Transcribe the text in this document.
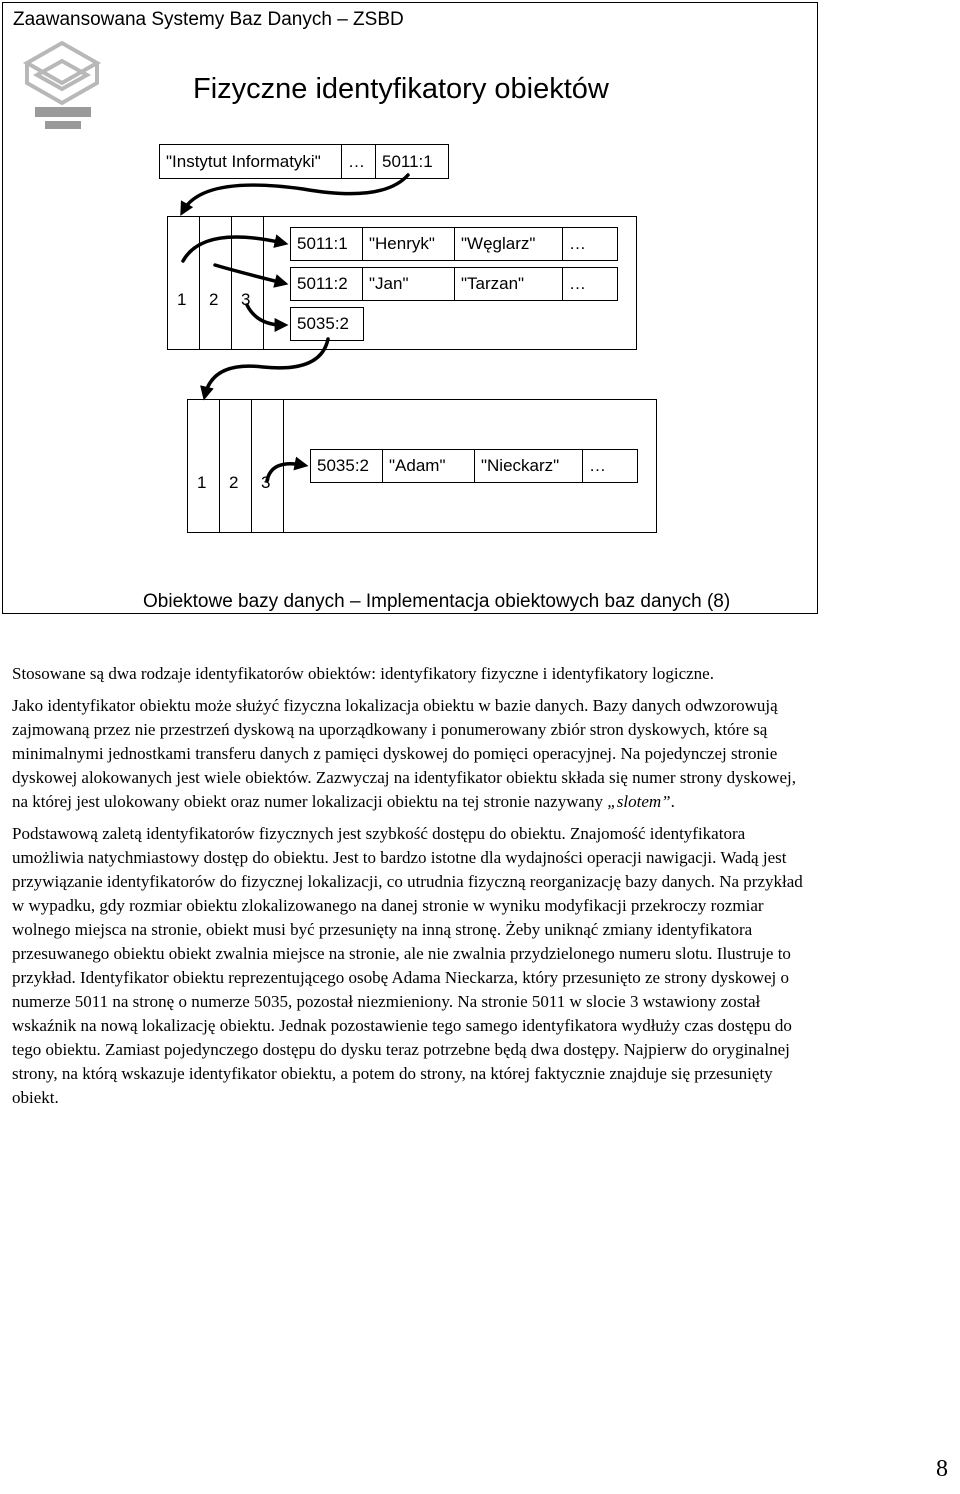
Zaawansowana Systemy Baz Danych – ZSBD
Fizyczne identyfikatory obiektów
"Instytut Informatyki"	…	5011:1
1 2 3
5011:1	"Henryk"	"Węglarz"	…
5011:2	"Jan"	"Tarzan"	…
5035:2
1 2 3
5035:2	"Adam"	"Nieckarz"	…
Obiektowe bazy danych – Implementacja obiektowych baz danych (8)

Stosowane są dwa rodzaje identyfikatorów obiektów: identyfikatory fizyczne i identyfikatory logiczne.

Jako identyfikator obiektu może służyć fizyczna lokalizacja obiektu w bazie danych. Bazy danych odwzorowują zajmowaną przez nie przestrzeń dyskową na uporządkowany i ponumerowany zbiór stron dyskowych, które są minimalnymi jednostkami transferu danych z pamięci dyskowej do pomięci operacyjnej. Na pojedynczej stronie dyskowej alokowanych jest wiele obiektów. Zazwyczaj na identyfikator obiektu składa się numer strony dyskowej, na której jest ulokowany obiekt oraz numer lokalizacji obiektu na tej stronie nazywany „slotem”.

Podstawową zaletą identyfikatorów fizycznych jest szybkość dostępu do obiektu. Znajomość identyfikatora umożliwia natychmiastowy dostęp do obiektu. Jest to bardzo istotne dla wydajności operacji nawigacji. Wadą jest przywiązanie identyfikatorów do fizycznej lokalizacji, co utrudnia fizyczną reorganizację bazy danych. Na przykład w wypadku, gdy rozmiar obiektu zlokalizowanego na danej stronie w wyniku modyfikacji przekroczy rozmiar wolnego miejsca na stronie, obiekt musi być przesunięty na inną stronę. Żeby uniknąć zmiany identyfikatora przesuwanego obiektu obiekt zwalnia miejsce na stronie, ale nie zwalnia przydzielonego numeru slotu. Ilustruje to przykład. Identyfikator obiektu reprezentującego osobę Adama Nieckarza, który przesunięto ze strony dyskowej o numerze 5011 na stronę o numerze 5035, pozostał niezmieniony. Na stronie 5011 w slocie 3 wstawiony został wskaźnik na nową lokalizację obiektu. Jednak pozostawienie tego samego identyfikatora wydłuży czas dostępu do tego obiektu. Zamiast pojedynczego dostępu do dysku teraz potrzebne będą dwa dostępy. Najpierw do oryginalnej strony, na którą wskazuje identyfikator obiektu, a potem do strony, na której faktycznie znajduje się przesunięty obiekt.

8
